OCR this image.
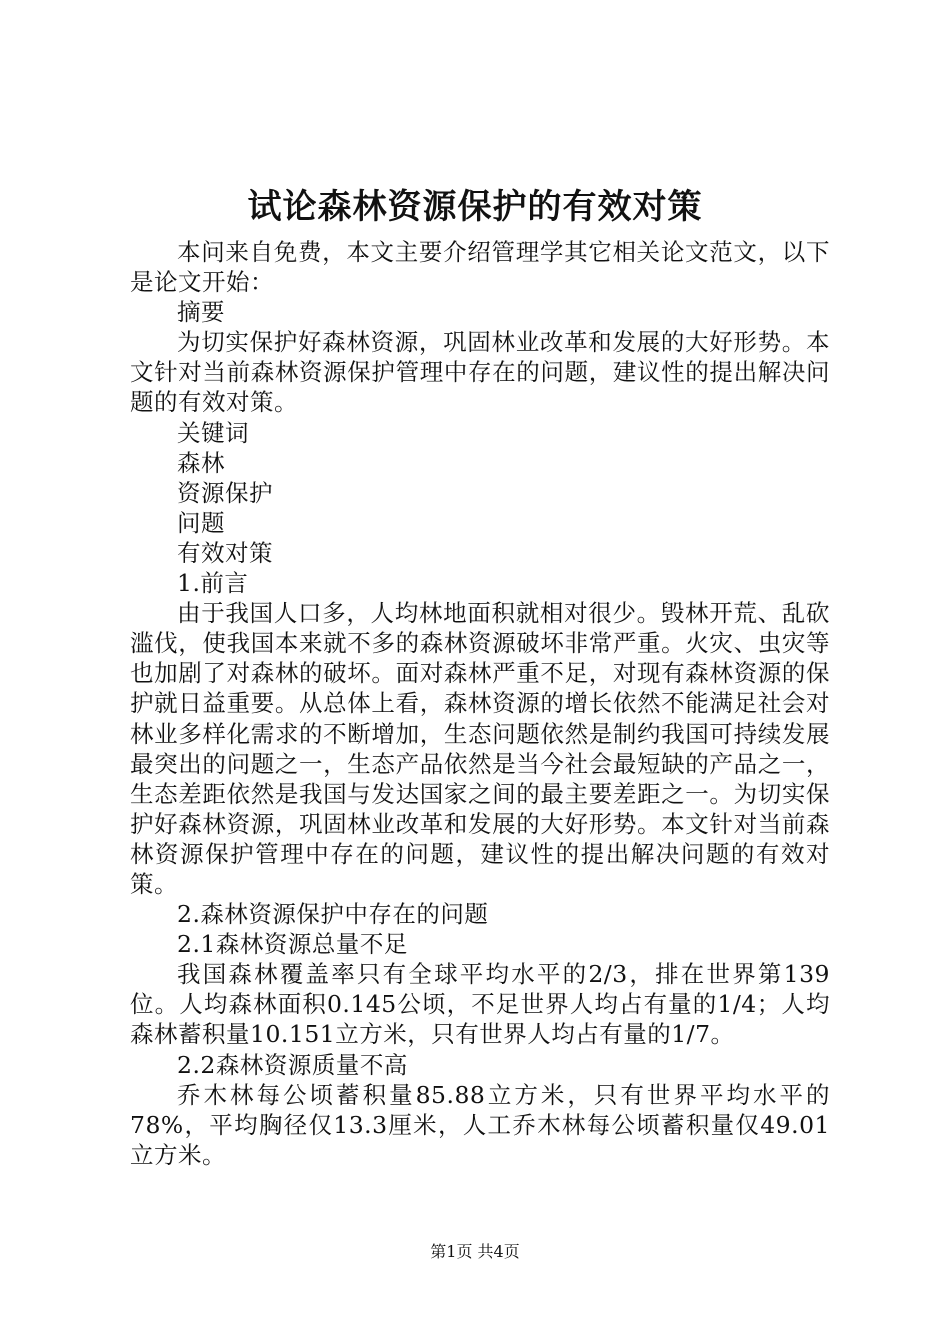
试论森林资源保护的有效对策

本问来自免费，本文主要介绍管理学其它相关论文范文，以下是论文开始：

摘要

为切实保护好森林资源，巩固林业改革和发展的大好形势。本文针对当前森林资源保护管理中存在的问题，建议性的提出解决问题的有效对策。

关键词

森林

资源保护

问题

有效对策

1.前言

由于我国人口多，人均林地面积就相对很少。毁林开荒、乱砍滥伐，使我国本来就不多的森林资源破坏非常严重。火灾、虫灾等也加剧了对森林的破坏。面对森林严重不足，对现有森林资源的保护就日益重要。从总体上看，森林资源的增长依然不能满足社会对林业多样化需求的不断增加，生态问题依然是制约我国可持续发展最突出的问题之一，生态产品依然是当今社会最短缺的产品之一，生态差距依然是我国与发达国家之间的最主要差距之一。为切实保护好森林资源，巩固林业改革和发展的大好形势。本文针对当前森林资源保护管理中存在的问题，建议性的提出解决问题的有效对策。

2.森林资源保护中存在的问题

2.1森林资源总量不足

我国森林覆盖率只有全球平均水平的2/3，排在世界第139位。人均森林面积0.145公顷，不足世界人均占有量的1/4；人均森林蓄积量10.151立方米，只有世界人均占有量的1/7。

2.2森林资源质量不高

乔木林每公顷蓄积量85.88立方米，只有世界平均水平的78%，平均胸径仅13.3厘米，人工乔木林每公顷蓄积量仅49.01立方米。

第1页 共4页
